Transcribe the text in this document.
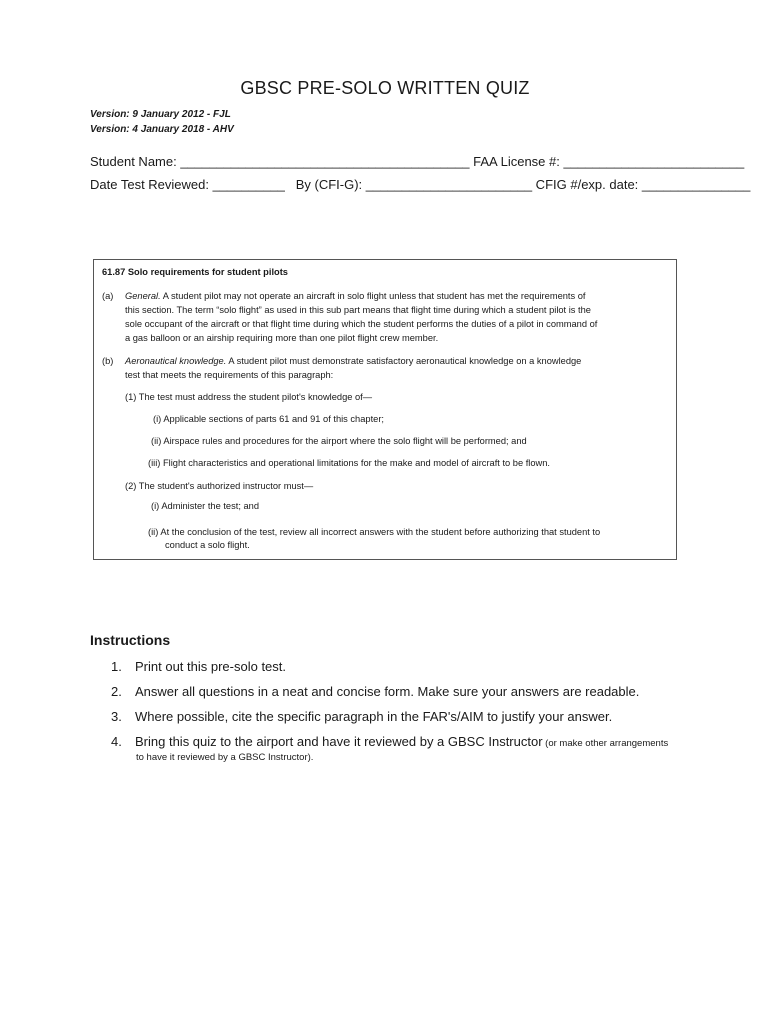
GBSC PRE-SOLO WRITTEN QUIZ
Version: 9 January 2012 - FJL
Version: 4 January 2018 - AHV
Student Name: ________________________________________ FAA License #: _________________________
Date Test Reviewed: __________   By (CFI-G): _______________________ CFIG #/exp. date: _______________
61.87 Solo requirements for student pilots
(a) General. A student pilot may not operate an aircraft in solo flight unless that student has met the requirements of
this section. The term “solo flight” as used in this sub part means that flight time during which a student pilot is the
sole occupant of the aircraft or that flight time during which the student performs the duties of a pilot in command of
a gas balloon or an airship requiring more than one pilot flight crew member.
(b) Aeronautical knowledge. A student pilot must demonstrate satisfactory aeronautical knowledge on a knowledge
test that meets the requirements of this paragraph:
(1) The test must address the student pilot's knowledge of—
(i) Applicable sections of parts 61 and 91 of this chapter;
(ii) Airspace rules and procedures for the airport where the solo flight will be performed; and
(iii) Flight characteristics and operational limitations for the make and model of aircraft to be flown.
(2) The student's authorized instructor must—
(i) Administer the test; and
(ii) At the conclusion of the test, review all incorrect answers with the student before authorizing that student to
conduct a solo flight.
Instructions
1. Print out this pre-solo test.
2. Answer all questions in a neat and concise form. Make sure your answers are readable.
3. Where possible, cite the specific paragraph in the FAR's/AIM to justify your answer.
4. Bring this quiz to the airport and have it reviewed by a GBSC Instructor (or make other arrangements
to have it reviewed by a GBSC Instructor).
